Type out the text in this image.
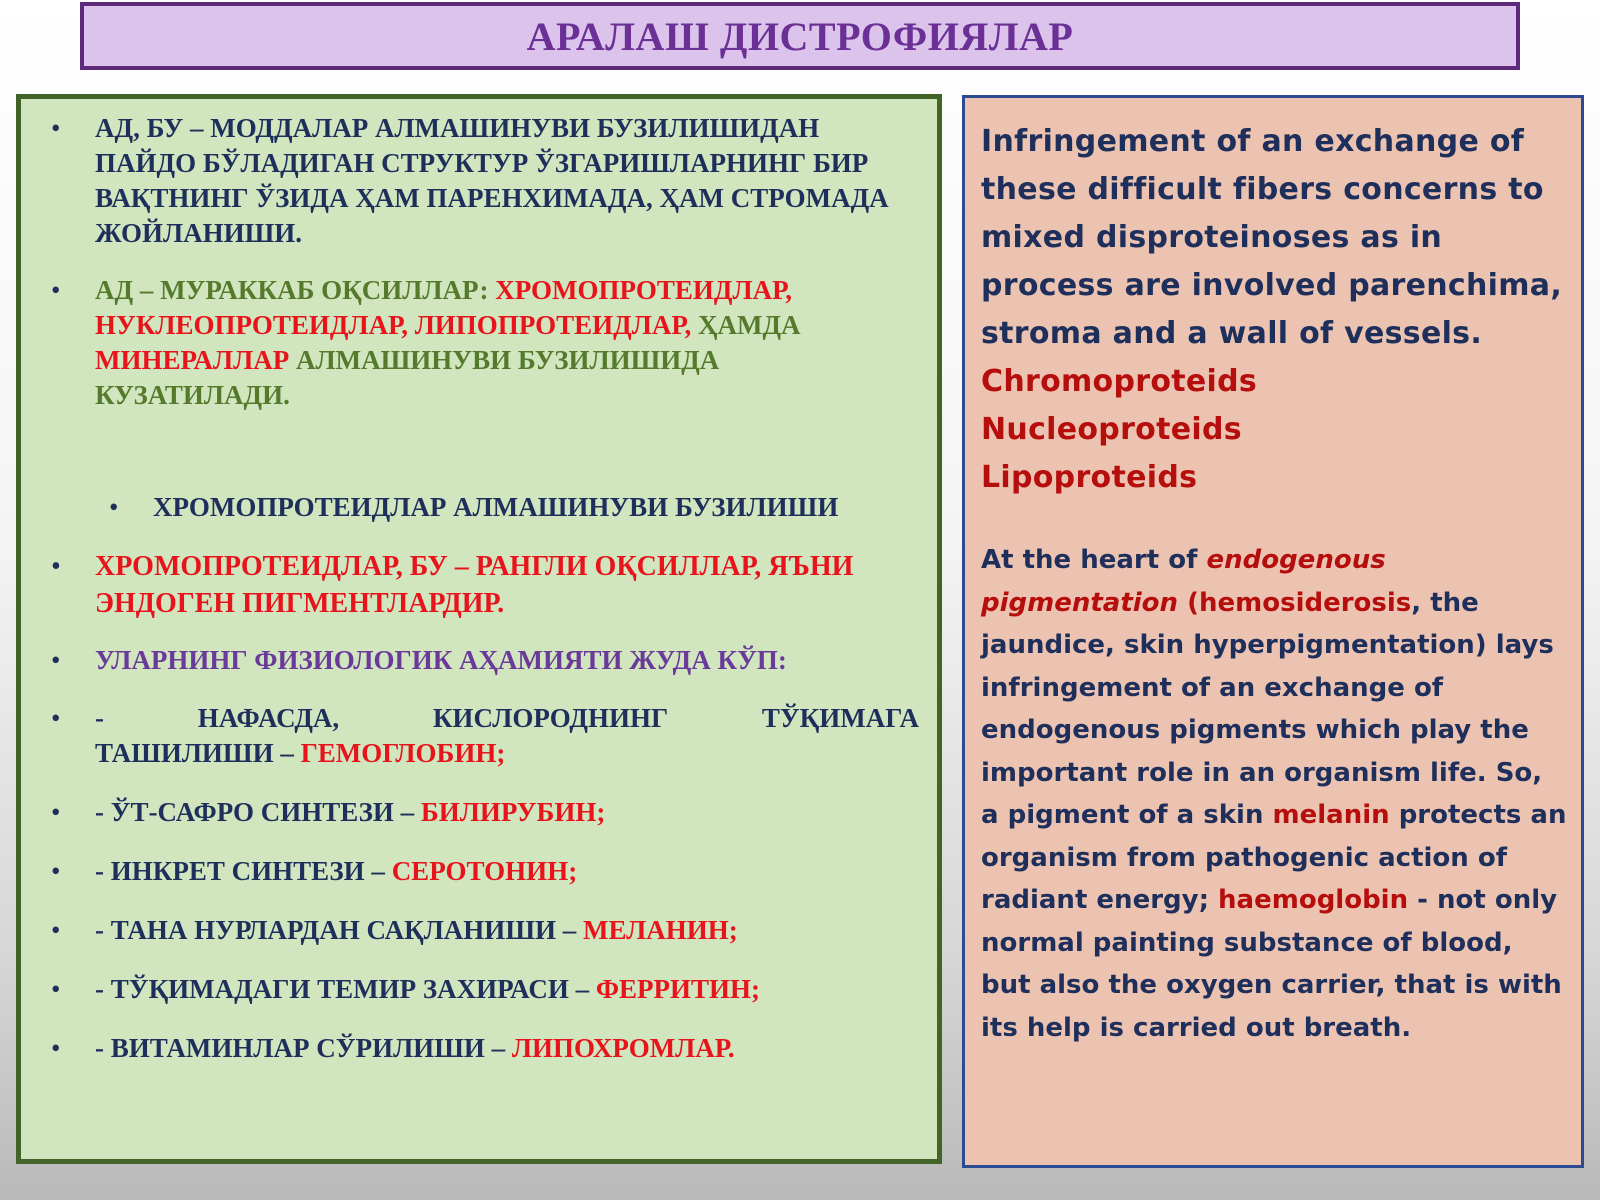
АРАЛАШ ДИСТРОФИЯЛАР
• АД, БУ – МОДДАЛАР АЛМАШИНУВИ БУЗИЛИШИДАН ПАЙДО БЎЛАДИГАН СТРУКТУР ЎЗГАРИШЛАРНИНГ БИР ВАҚТНИНГ ЎЗИДА ҲАМ ПАРЕНХИМАДА, ҲАМ СТРОМАДА ЖОЙЛАНИШИ.
• АД – МУРАККАБ ОҚСИЛЛАР: ХРОМОПРОТЕИДЛАР, НУКЛЕОПРОТЕИДЛАР, ЛИПОПРОТЕИДЛАР, ҲАМДА МИНЕРАЛЛАР АЛМАШИНУВИ БУЗИЛИШИДА КУЗАТИЛАДИ.
• ХРОМОПРОТЕИДЛАР АЛМАШИНУВИ БУЗИЛИШИ
• ХРОМОПРОТЕИДЛАР, БУ – РАНГЛИ ОҚСИЛЛАР, ЯЪНИ ЭНДОГЕН ПИГМЕНТЛАРДИР.
• УЛАРНИНГ ФИЗИОЛОГИК АҲАМИЯТИ ЖУДА КЎП:
• -	НАФАСДА,	КИСЛОРОДНИНГ	ТЎҚИМАГА
ТАШИЛИШИ – ГЕМОГЛОБИН;
• - ЎТ-САФРО СИНТЕЗИ – БИЛИРУБИН;
• - ИНКРЕТ СИНТЕЗИ – СЕРОТОНИН;
• - ТАНА НУРЛАРДАН САҚЛАНИШИ – МЕЛАНИН;
• - ТЎҚИМАДАГИ ТЕМИР ЗАХИРАСИ – ФЕРРИТИН;
• - ВИТАМИНЛАР СЎРИЛИШИ – ЛИПОХРОМЛАР.
Infringement of an exchange of these difficult fibers concerns to mixed disproteinoses as in process are involved parenchima, stroma and a wall of vessels.
Chromoproteids
Nucleoproteids
Lipoproteids
At the heart of endogenous pigmentation (hemosiderosis, the jaundice, skin hyperpigmentation) lays infringement of an exchange of endogenous pigments which play the important role in an organism life. So, a pigment of a skin melanin protects an organism from pathogenic action of radiant energy; haemoglobin - not only normal painting substance of blood, but also the oxygen carrier, that is with its help is carried out breath.
